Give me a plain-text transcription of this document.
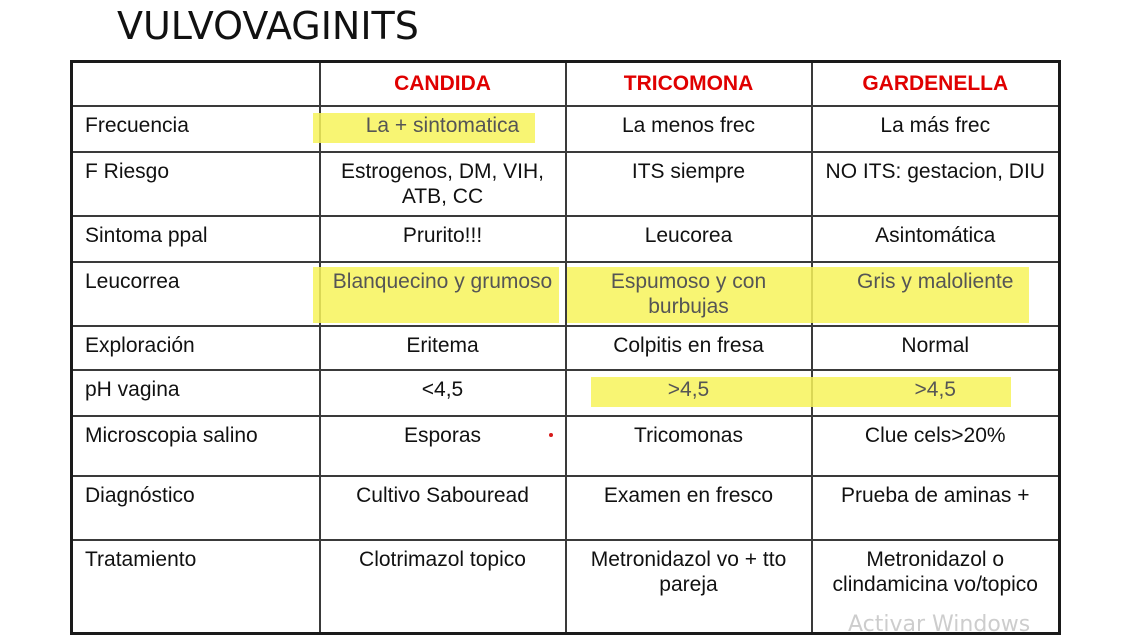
VULVOVAGINITS
	CANDIDA	TRICOMONA	GARDENELLA
Frecuencia	La + sintomatica	La menos frec	La más frec
F Riesgo	Estrogenos, DM, VIH, ATB, CC	ITS siempre	NO ITS: gestacion, DIU
Sintoma ppal	Prurito!!!	Leucorea	Asintomática
Leucorrea	Blanquecino y grumoso	Espumoso y con burbujas	Gris y maloliente
Exploración	Eritema	Colpitis en fresa	Normal
pH vagina	<4,5	>4,5	>4,5
Microscopia salino	Esporas	Tricomonas	Clue cels>20%
Diagnóstico	Cultivo Sabouread	Examen en fresco	Prueba de aminas +
Tratamiento	Clotrimazol topico	Metronidazol vo + tto pareja	Metronidazol o clindamicina vo/topico
Activar Windows
